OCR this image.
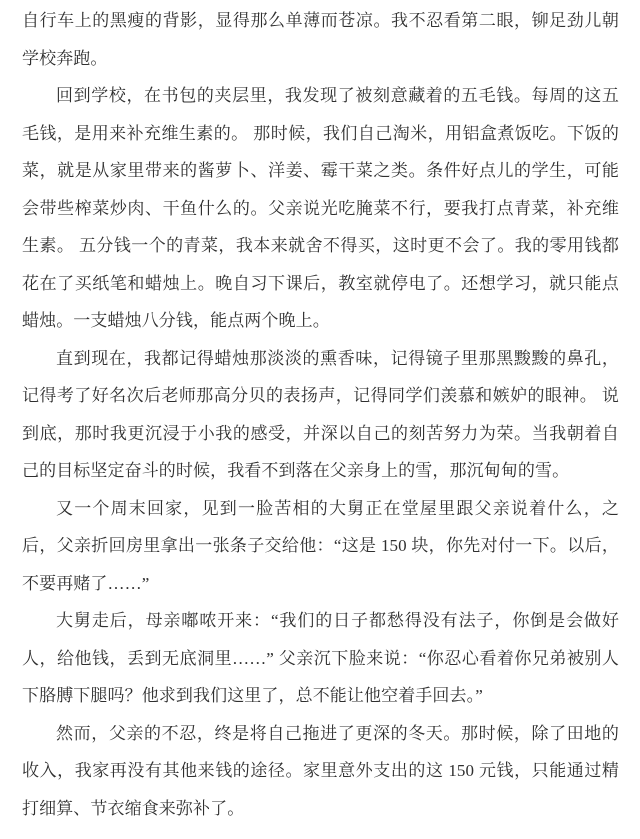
自行车上的黑瘦的背影，显得那么单薄而苍凉。我不忍看第二眼，铆足劲儿朝学校奔跑。

回到学校，在书包的夹层里，我发现了被刻意藏着的五毛钱。每周的这五毛钱，是用来补充维生素的。 那时候，我们自己淘米，用铝盒煮饭吃。下饭的菜，就是从家里带来的酱萝卜、洋姜、霉干菜之类。条件好点儿的学生，可能会带些榨菜炒肉、干鱼什么的。父亲说光吃腌菜不行，要我打点青菜，补充维生素。 五分钱一个的青菜，我本来就舍不得买，这时更不会了。我的零用钱都花在了买纸笔和蜡烛上。晚自习下课后，教室就停电了。还想学习，就只能点蜡烛。一支蜡烛八分钱，能点两个晚上。

直到现在，我都记得蜡烛那淡淡的熏香味，记得镜子里那黑黢黢的鼻孔，记得考了好名次后老师那高分贝的表扬声，记得同学们羡慕和嫉妒的眼神。 说到底，那时我更沉浸于小我的感受，并深以自己的刻苦努力为荣。当我朝着自己的目标坚定奋斗的时候，我看不到落在父亲身上的雪，那沉甸甸的雪。

又一个周末回家，见到一脸苦相的大舅正在堂屋里跟父亲说着什么，之后，父亲折回房里拿出一张条子交给他：“这是 150 块，你先对付一下。以后，不要再赌了……”

大舅走后，母亲嘟哝开来：“我们的日子都愁得没有法子，你倒是会做好人，给他钱，丢到无底洞里……” 父亲沉下脸来说：“你忍心看着你兄弟被别人下胳膊下腿吗？他求到我们这里了，总不能让他空着手回去。”

然而，父亲的不忍，终是将自己拖进了更深的冬天。那时候，除了田地的收入，我家再没有其他来钱的途径。家里意外支出的这 150 元钱，只能通过精打细算、节衣缩食来弥补了。
